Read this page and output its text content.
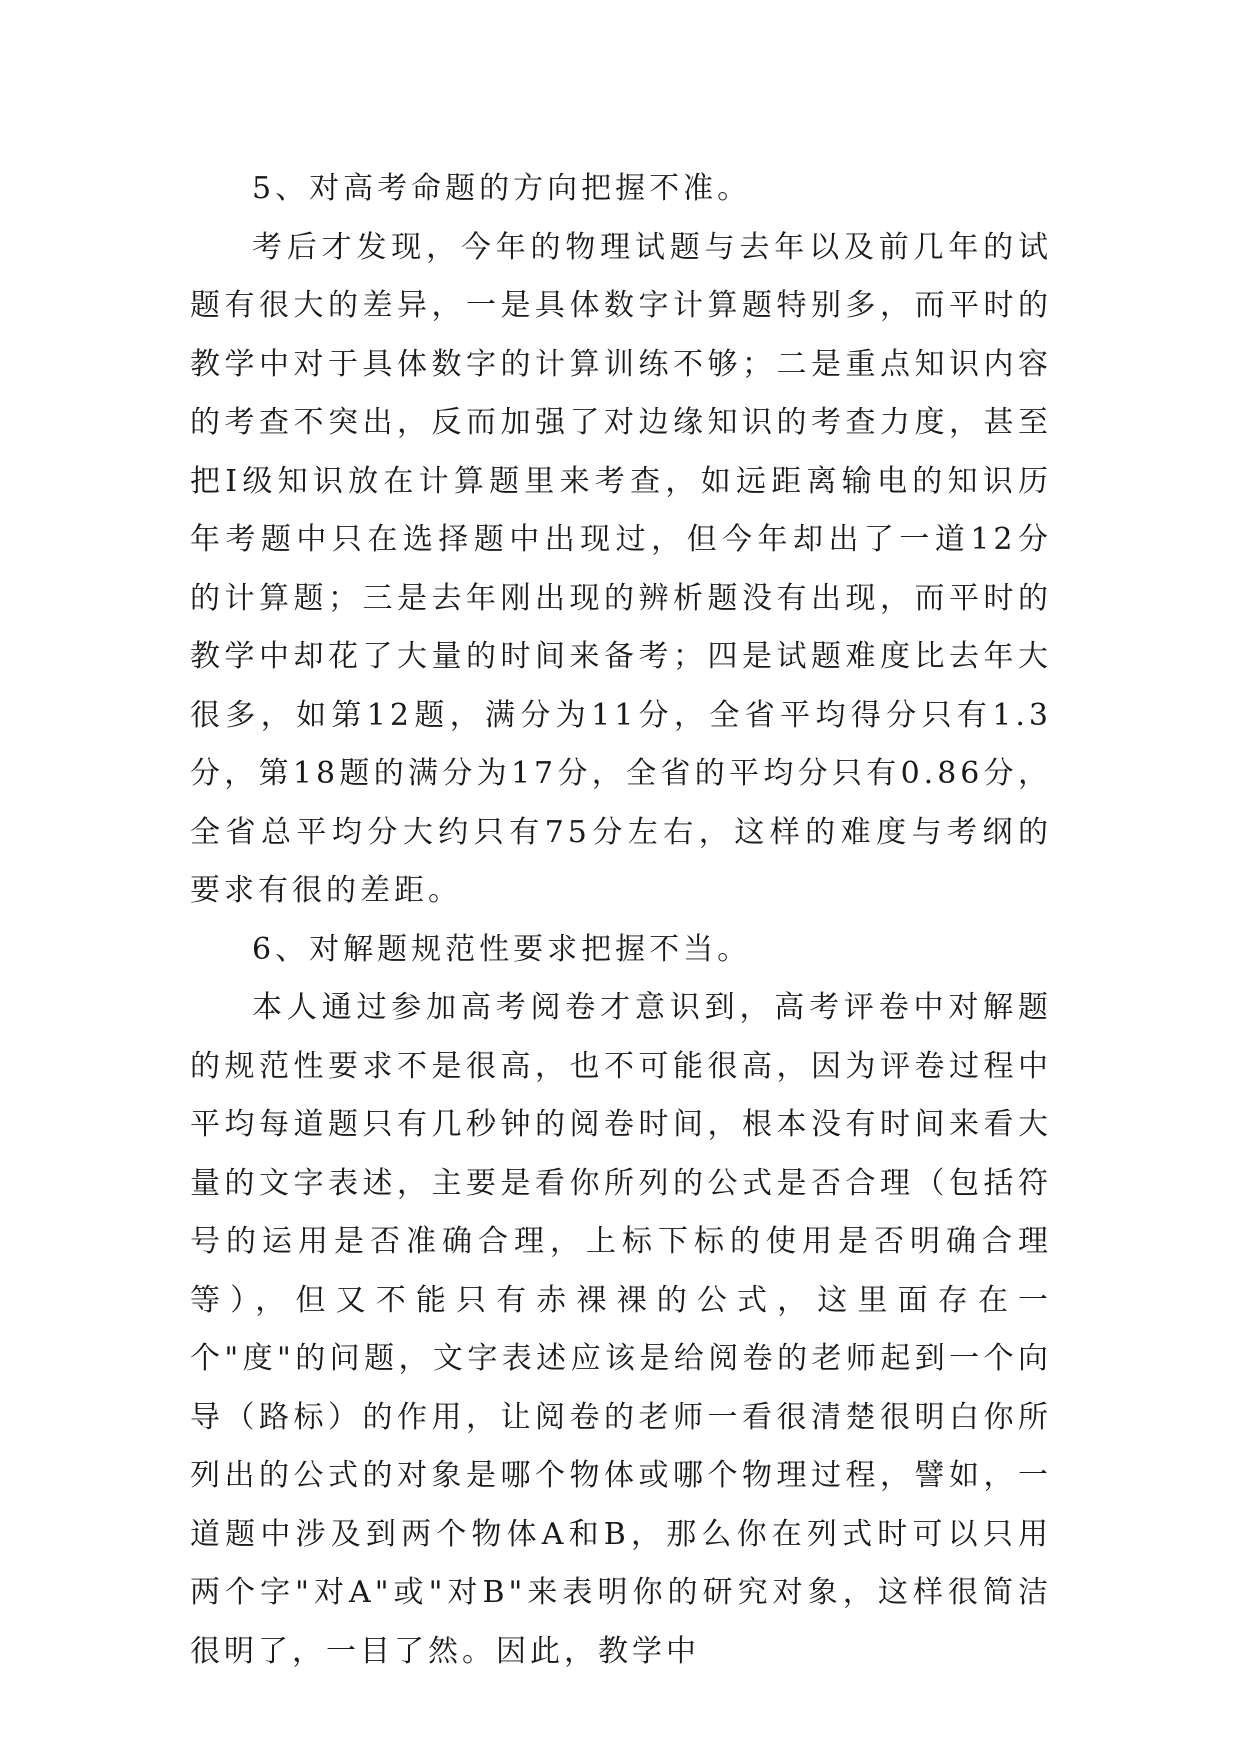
5、对高考命题的方向把握不准。

考后才发现，今年的物理试题与去年以及前几年的试题有很大的差异，一是具体数字计算题特别多，而平时的教学中对于具体数字的计算训练不够；二是重点知识内容的考查不突出，反而加强了对边缘知识的考查力度，甚至把Ⅰ级知识放在计算题里来考查，如远距离输电的知识历年考题中只在选择题中出现过，但今年却出了一道12分的计算题；三是去年刚出现的辨析题没有出现，而平时的教学中却花了大量的时间来备考；四是试题难度比去年大很多，如第12题，满分为11分，全省平均得分只有1.3分，第18题的满分为17分，全省的平均分只有0.86分，全省总平均分大约只有75分左右，这样的难度与考纲的要求有很的差距。

6、对解题规范性要求把握不当。

本人通过参加高考阅卷才意识到，高考评卷中对解题的规范性要求不是很高，也不可能很高，因为评卷过程中平均每道题只有几秒钟的阅卷时间，根本没有时间来看大量的文字表述，主要是看你所列的公式是否合理（包括符号的运用是否准确合理，上标下标的使用是否明确合理等），但又不能只有赤裸裸的公式，这里面存在一个"度"的问题，文字表述应该是给阅卷的老师起到一个向导（路标）的作用，让阅卷的老师一看很清楚很明白你所列出的公式的对象是哪个物体或哪个物理过程，譬如，一道题中涉及到两个物体A和B，那么你在列式时可以只用两个字"对A"或"对B"来表明你的研究对象，这样很简洁很明了，一目了然。因此，教学中
